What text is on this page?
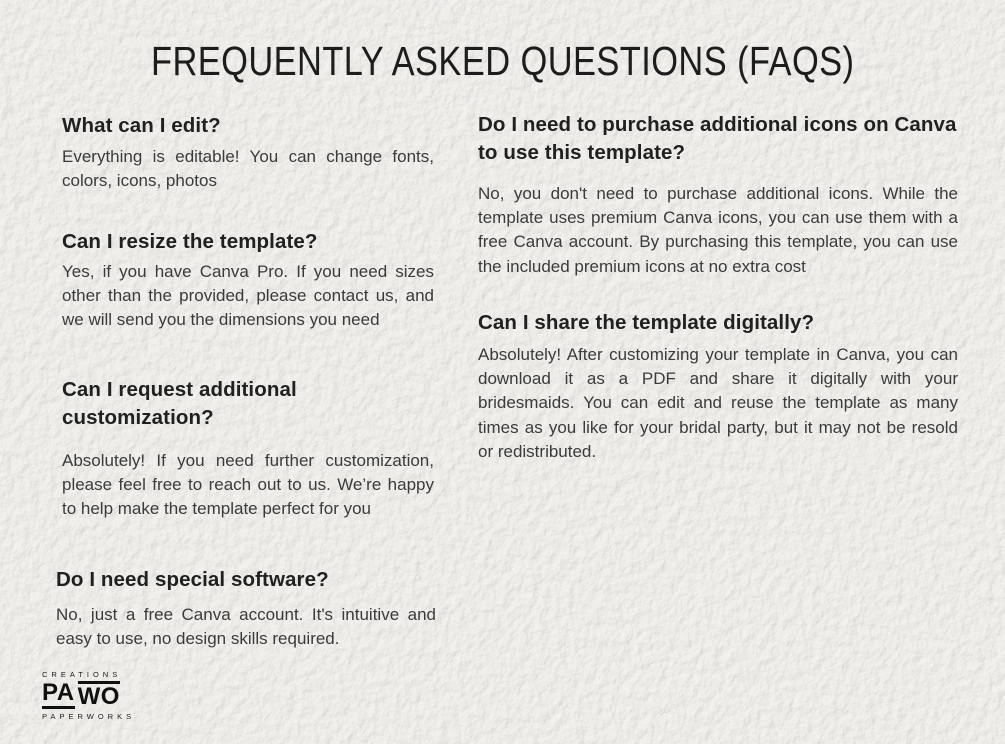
FREQUENTLY ASKED QUESTIONS (FAQS)
What can I edit?

Everything is editable! You can change fonts, colors, icons, photos

Can I resize the template?

Yes, if you have Canva Pro. If you need sizes other than the provided, please contact us, and we will send you the dimensions you need

Can I request additional customization?

Absolutely! If you need further customization, please feel free to reach out to us. We’re happy to help make the template perfect for you

Do I need special software?

No, just a free Canva account. It's intuitive and easy to use, no design skills required.

Do I need to purchase additional icons on Canva to use this template?

No, you don't need to purchase additional icons. While the template uses premium Canva icons, you can use them with a free Canva account. By purchasing this template, you can use the included premium icons at no extra cost

Can I share the template digitally?

Absolutely! After customizing your template in Canva, you can download it as a PDF and share it digitally with your bridesmaids. You can edit and reuse the template as many times as you like for your bridal party, but it may not be resold or redistributed.

CREATIONS
PA WO
PAPERWORKS
